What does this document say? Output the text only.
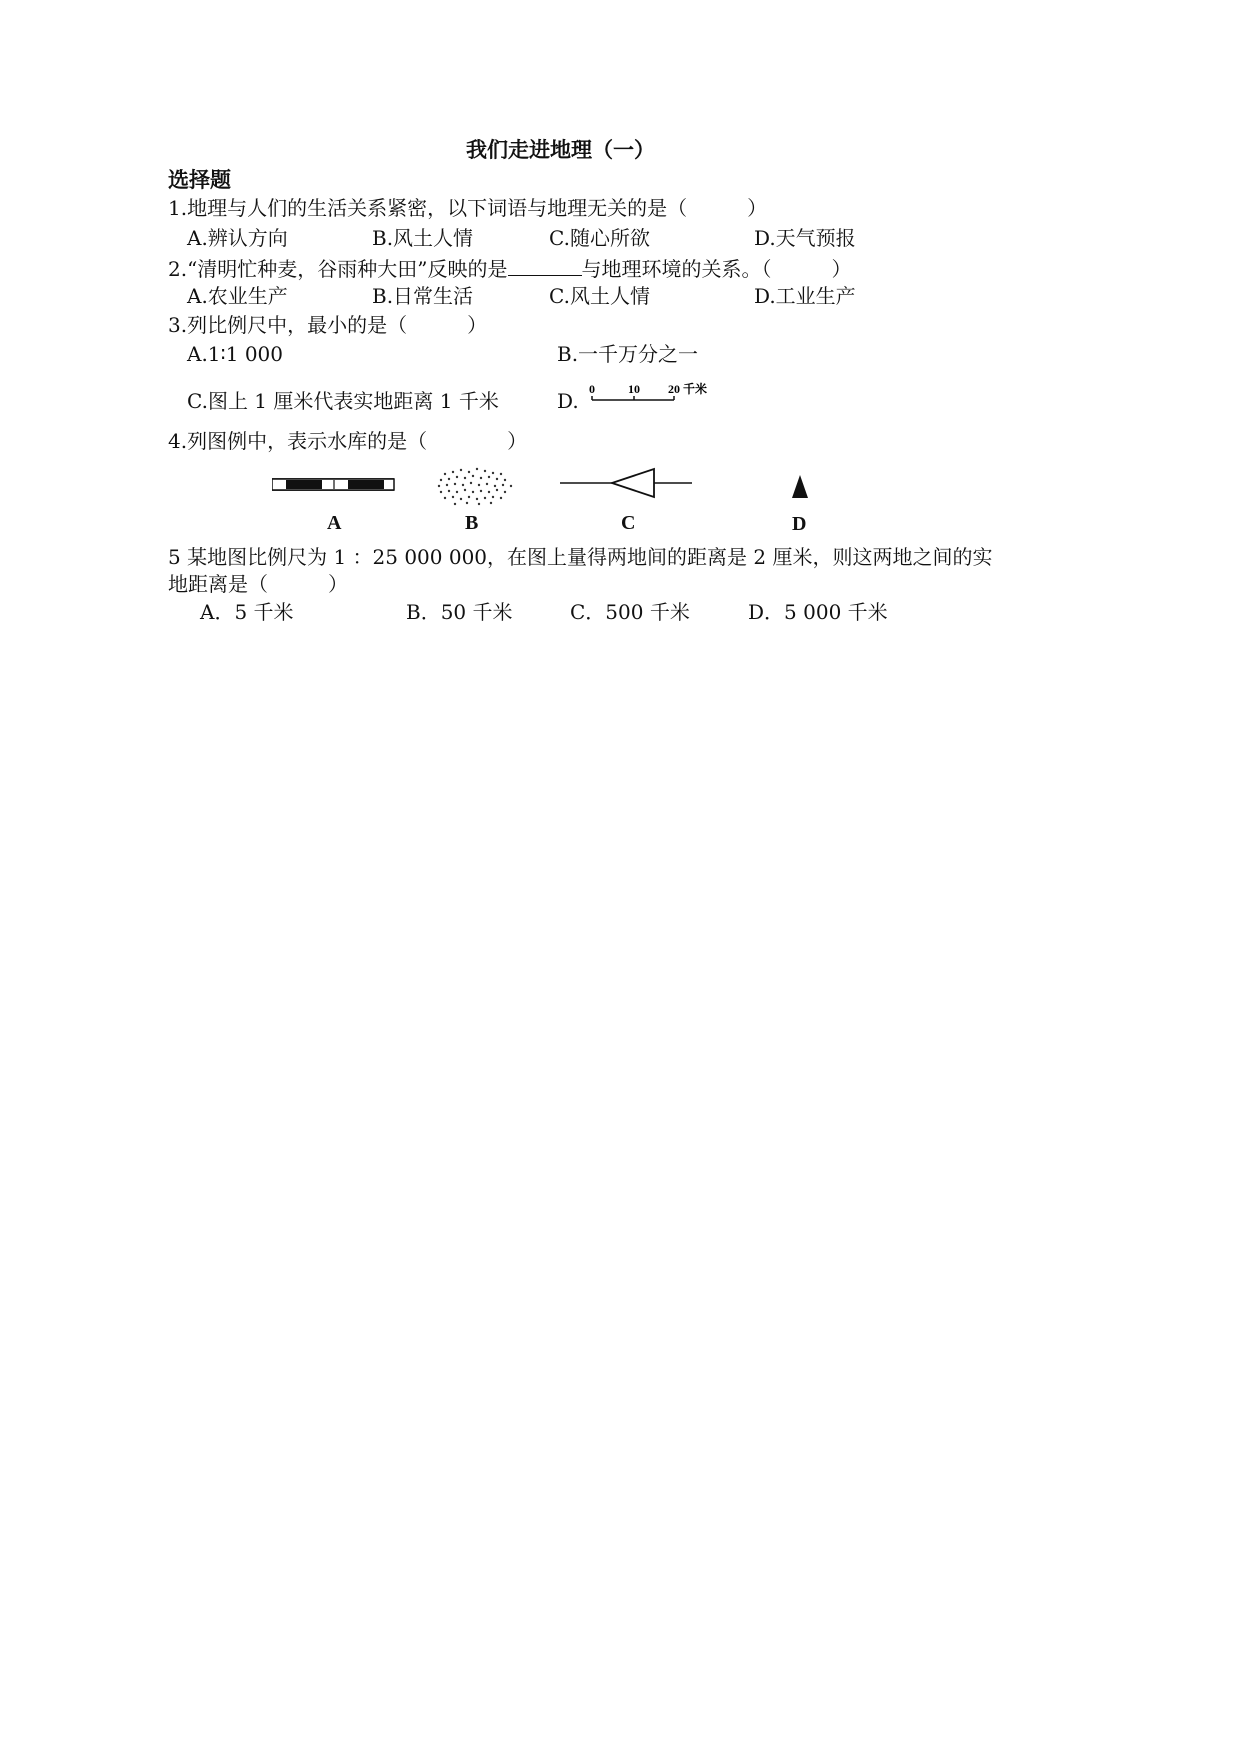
我们走进地理（一）
选择题
1.地理与人们的生活关系紧密，以下词语与地理无关的是（　　　）
A.辨认方向	B.风土人情	C.随心所欲	D.天气预报
2.“清明忙种麦，谷雨种大田”反映的是	与地理环境的关系。（　　　）
A.农业生产	B.日常生活	C.风土人情	D.工业生产
3.列比例尺中，最小的是（　　　）
A.1∶1 000	B.一千万分之一
C.图上 1 厘米代表实地距离 1 千米	D. 0	10 20 千米
4.列图例中，表示水库的是（　　　　）
A	B	C	D
5 某地图比例尺为 1 ：25 000 000，在图上量得两地间的距离是 2 厘米，则这两地之间的实
地距离是（　　　）
A．5 千米	B．50 千米	C．500 千米	D．5 000 千米
